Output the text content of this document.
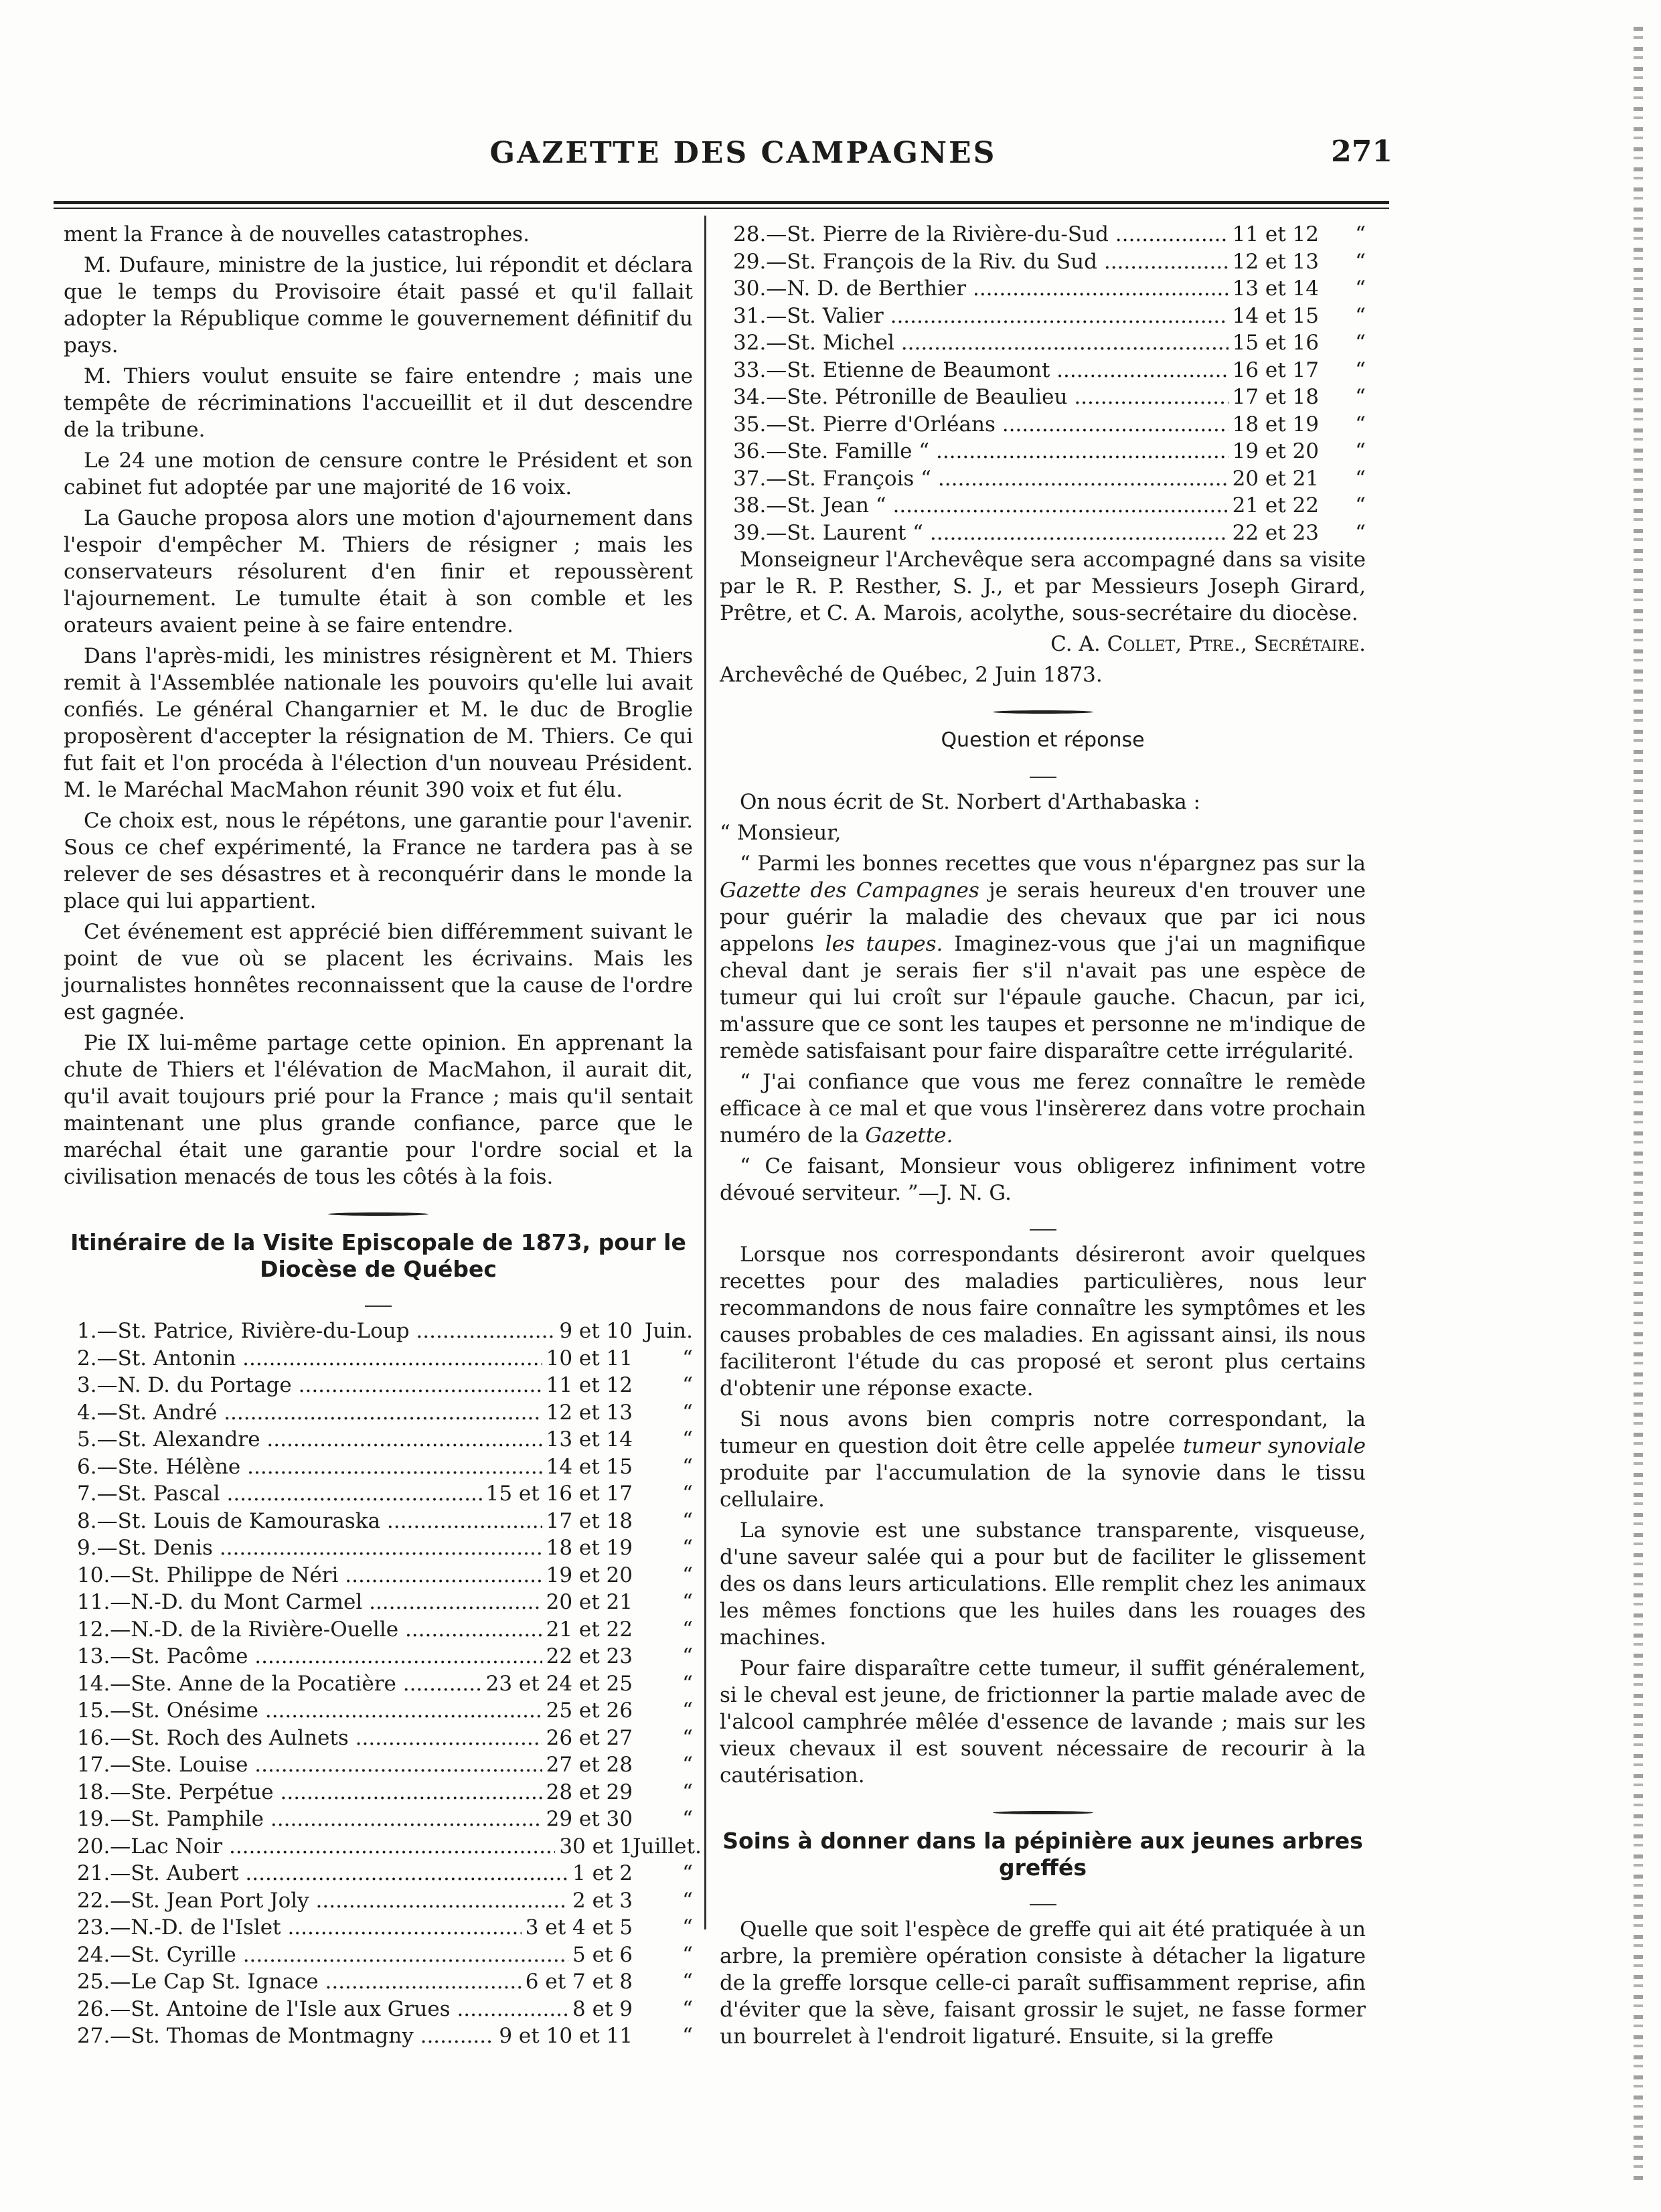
GAZETTE DES CAMPAGNES	271

ment la France à de nouvelles catastrophes.

M. Dufaure, ministre de la justice, lui répondit et déclara que le temps du Provisoire était passé et qu'il fallait adopter la République comme le gouvernement définitif du pays.

M. Thiers voulut ensuite se faire entendre ; mais une tempête de récriminations l'accueillit et il dut descendre de la tribune.

Le 24 une motion de censure contre le Président et son cabinet fut adoptée par une majorité de 16 voix.

La Gauche proposa alors une motion d'ajournement dans l'espoir d'empêcher M. Thiers de résigner ; mais les conservateurs résolurent d'en finir et repoussèrent l'ajournement. Le tumulte était à son comble et les orateurs avaient peine à se faire entendre.

Dans l'après-midi, les ministres résignèrent et M. Thiers remit à l'Assemblée nationale les pouvoirs qu'elle lui avait confiés. Le général Changarnier et M. le duc de Broglie proposèrent d'accepter la résignation de M. Thiers. Ce qui fut fait et l'on procéda à l'élection d'un nouveau Président. M. le Maréchal MacMahon réunit 390 voix et fut élu.

Ce choix est, nous le répétons, une garantie pour l'avenir. Sous ce chef expérimenté, la France ne tardera pas à se relever de ses désastres et à reconquérir dans le monde la place qui lui appartient.

Cet événement est apprécié bien différemment suivant le point de vue où se placent les écrivains. Mais les journalistes honnêtes reconnaissent que la cause de l'ordre est gagnée.

Pie IX lui-même partage cette opinion. En apprenant la chute de Thiers et l'élévation de MacMahon, il aurait dit, qu'il avait toujours prié pour la France ; mais qu'il sentait maintenant une plus grande confiance, parce que le maréchal était une garantie pour l'ordre social et la civilisation menacés de tous les côtés à la fois.

Itinéraire de la Visite Episcopale de 1873, pour le Diocèse de Québec
1.—St. Patrice, Rivière-du-Loup .....	9 et 10 Juin.
2.—St. Antonin .....	10 et 11	“
3.—N. D. du Portage .....	11 et 12	“
4.—St. André .....	12 et 13	“
5.—St. Alexandre .....	13 et 14	“
6.—Ste. Hélène .....	14 et 15	“
7.—St. Pascal .....	15 et 16 et 17	“
8.—St. Louis de Kamouraska .....	17 et 18	“
9.—St. Denis .....	18 et 19	“
10.—St. Philippe de Néri .....	19 et 20	“
11.—N.-D. du Mont Carmel .....	20 et 21	“
12.—N.-D. de la Rivière-Ouelle .....	21 et 22	“
13.—St. Pacôme .....	22 et 23	“
14.—Ste. Anne de la Pocatière .....	23 et 24 et 25	“
15.—St. Onésime .....	25 et 26	“
16.—St. Roch des Aulnets .....	26 et 27	“
17.—Ste. Louise .....	27 et 28	“
18.—Ste. Perpétue .....	28 et 29	“
19.—St. Pamphile .....	29 et 30	“
20.—Lac Noir .....	30 et 1 Juillet.
21.—St. Aubert .....	1 et 2	“
22.—St. Jean Port Joly .....	2 et 3	“
23.—N.-D. de l'Islet .....	3 et 4 et 5	“
24.—St. Cyrille .....	5 et 6	“
25.—Le Cap St. Ignace .....	6 et 7 et 8	“
26.—St. Antoine de l'Isle aux Grues .....	8 et 9	“
27.—St. Thomas de Montmagny .....	9 et 10 et 11	“
28.—St. Pierre de la Rivière-du-Sud .....	11 et 12	“
29.—St. François de la Riv. du Sud .....	12 et 13	“
30.—N. D. de Berthier .....	13 et 14	“
31.—St. Valier .....	14 et 15	“
32.—St. Michel .....	15 et 16	“
33.—St. Etienne de Beaumont .....	16 et 17	“
34.—Ste. Pétronille de Beaulieu .....	17 et 18	“
35.—St. Pierre d'Orléans .....	18 et 19	“
36.—Ste. Famille “ .....	19 et 20	“
37.—St. François “ .....	20 et 21	“
38.—St. Jean “ .....	21 et 22	“
39.—St. Laurent “ .....	22 et 23	“

Monseigneur l'Archevêque sera accompagné dans sa visite par le R. P. Resther, S. J., et par Messieurs Joseph Girard, Prêtre, et C. A. Marois, acolythe, sous-secrétaire du diocèse.

C. A. Collet, Ptre., Secrétaire.

Archevêché de Québec, 2 Juin 1873.

Question et réponse

On nous écrit de St. Norbert d'Arthabaska :

“ Monsieur,

“ Parmi les bonnes recettes que vous n'épargnez pas sur la Gazette des Campagnes je serais heureux d'en trouver une pour guérir la maladie des chevaux que par ici nous appelons les taupes. Imaginez-vous que j'ai un magnifique cheval dant je serais fier s'il n'avait pas une espèce de tumeur qui lui croît sur l'épaule gauche. Chacun, par ici, m'assure que ce sont les taupes et personne ne m'indique de remède satisfaisant pour faire disparaître cette irrégularité.

“ J'ai confiance que vous me ferez connaître le remède efficace à ce mal et que vous l'insèrerez dans votre prochain numéro de la Gazette.

“ Ce faisant, Monsieur vous obligerez infiniment votre dévoué serviteur. ”—J. N. G.

Lorsque nos correspondants désireront avoir quelques recettes pour des maladies particulières, nous leur recommandons de nous faire connaître les symptômes et les causes probables de ces maladies. En agissant ainsi, ils nous faciliteront l'étude du cas proposé et seront plus certains d'obtenir une réponse exacte.

Si nous avons bien compris notre correspondant, la tumeur en question doit être celle appelée tumeur synoviale produite par l'accumulation de la synovie dans le tissu cellulaire.

La synovie est une substance transparente, visqueuse, d'une saveur salée qui a pour but de faciliter le glissement des os dans leurs articulations. Elle remplit chez les animaux les mêmes fonctions que les huiles dans les rouages des machines.

Pour faire disparaître cette tumeur, il suffit généralement, si le cheval est jeune, de frictionner la partie malade avec de l'alcool camphrée mêlée d'essence de lavande ; mais sur les vieux chevaux il est souvent nécessaire de recourir à la cautérisation.

Soins à donner dans la pépinière aux jeunes arbres greffés

Quelle que soit l'espèce de greffe qui ait été pratiquée à un arbre, la première opération consiste à détacher la ligature de la greffe lorsque celle-ci paraît suffisamment reprise, afin d'éviter que la sève, faisant grossir le sujet, ne fasse former un bourrelet à l'endroit ligaturé. Ensuite, si la greffe
